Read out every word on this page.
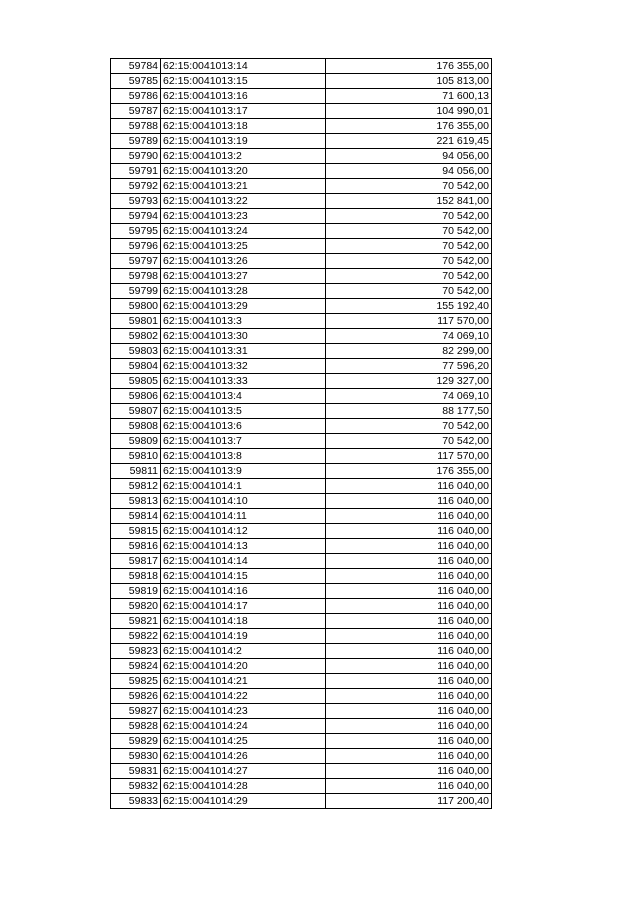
59784	62:15:0041013:14	176 355,00
59785	62:15:0041013:15	105 813,00
59786	62:15:0041013:16	71 600,13
59787	62:15:0041013:17	104 990,01
59788	62:15:0041013:18	176 355,00
59789	62:15:0041013:19	221 619,45
59790	62:15:0041013:2	94 056,00
59791	62:15:0041013:20	94 056,00
59792	62:15:0041013:21	70 542,00
59793	62:15:0041013:22	152 841,00
59794	62:15:0041013:23	70 542,00
59795	62:15:0041013:24	70 542,00
59796	62:15:0041013:25	70 542,00
59797	62:15:0041013:26	70 542,00
59798	62:15:0041013:27	70 542,00
59799	62:15:0041013:28	70 542,00
59800	62:15:0041013:29	155 192,40
59801	62:15:0041013:3	117 570,00
59802	62:15:0041013:30	74 069,10
59803	62:15:0041013:31	82 299,00
59804	62:15:0041013:32	77 596,20
59805	62:15:0041013:33	129 327,00
59806	62:15:0041013:4	74 069,10
59807	62:15:0041013:5	88 177,50
59808	62:15:0041013:6	70 542,00
59809	62:15:0041013:7	70 542,00
59810	62:15:0041013:8	117 570,00
59811	62:15:0041013:9	176 355,00
59812	62:15:0041014:1	116 040,00
59813	62:15:0041014:10	116 040,00
59814	62:15:0041014:11	116 040,00
59815	62:15:0041014:12	116 040,00
59816	62:15:0041014:13	116 040,00
59817	62:15:0041014:14	116 040,00
59818	62:15:0041014:15	116 040,00
59819	62:15:0041014:16	116 040,00
59820	62:15:0041014:17	116 040,00
59821	62:15:0041014:18	116 040,00
59822	62:15:0041014:19	116 040,00
59823	62:15:0041014:2	116 040,00
59824	62:15:0041014:20	116 040,00
59825	62:15:0041014:21	116 040,00
59826	62:15:0041014:22	116 040,00
59827	62:15:0041014:23	116 040,00
59828	62:15:0041014:24	116 040,00
59829	62:15:0041014:25	116 040,00
59830	62:15:0041014:26	116 040,00
59831	62:15:0041014:27	116 040,00
59832	62:15:0041014:28	116 040,00
59833	62:15:0041014:29	117 200,40
